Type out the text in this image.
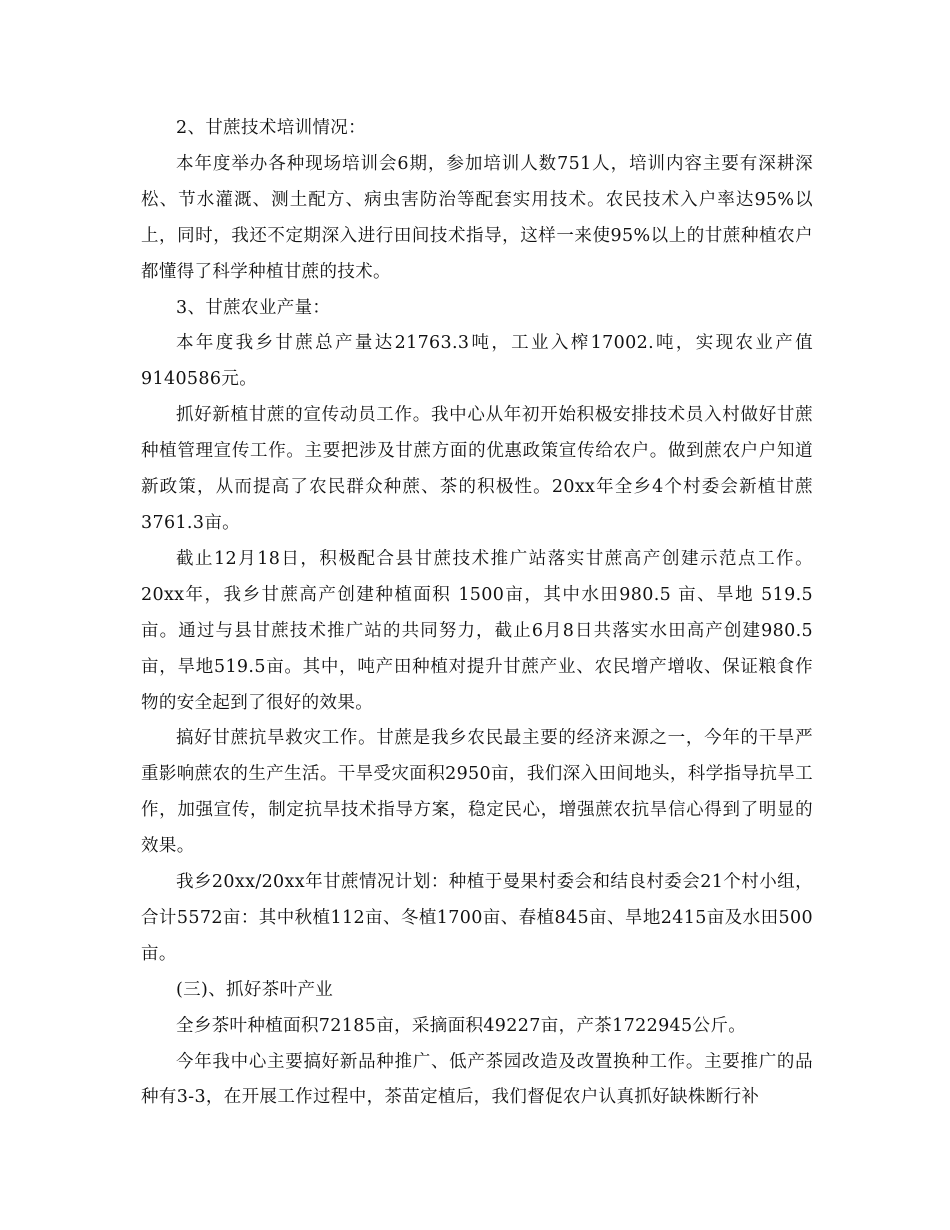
2、甘蔗技术培训情况：

本年度举办各种现场培训会6期，参加培训人数751人，培训内容主要有深耕深松、节水灌溉、测土配方、病虫害防治等配套实用技术。农民技术入户率达95%以上，同时，我还不定期深入进行田间技术指导，这样一来使95%以上的甘蔗种植农户都懂得了科学种植甘蔗的技术。

3、甘蔗农业产量：

本年度我乡甘蔗总产量达21763.3吨，工业入榨17002.吨，实现农业产值9140586元。

抓好新植甘蔗的宣传动员工作。我中心从年初开始积极安排技术员入村做好甘蔗种植管理宣传工作。主要把涉及甘蔗方面的优惠政策宣传给农户。做到蔗农户户知道新政策，从而提高了农民群众种蔗、茶的积极性。20xx年全乡4个村委会新植甘蔗 3761.3亩。

截止12月18日，积极配合县甘蔗技术推广站落实甘蔗高产创建示范点工作。20xx年，我乡甘蔗高产创建种植面积 1500亩，其中水田980.5 亩、旱地 519.5亩。通过与县甘蔗技术推广站的共同努力，截止6月8日共落实水田高产创建980.5亩，旱地519.5亩。其中，吨产田种植对提升甘蔗产业、农民增产增收、保证粮食作物的安全起到了很好的效果。

搞好甘蔗抗旱救灾工作。甘蔗是我乡农民最主要的经济来源之一，今年的干旱严重影响蔗农的生产生活。干旱受灾面积2950亩，我们深入田间地头，科学指导抗旱工作，加强宣传，制定抗旱技术指导方案，稳定民心，增强蔗农抗旱信心得到了明显的效果。

我乡20xx/20xx年甘蔗情况计划：种植于曼果村委会和结良村委会21个村小组，合计5572亩：其中秋植112亩、冬植1700亩、春植845亩、旱地2415亩及水田500亩。

(三)、抓好茶叶产业

全乡茶叶种植面积72185亩，采摘面积49227亩，产茶1722945公斤。

今年我中心主要搞好新品种推广、低产茶园改造及改置换种工作。主要推广的品种有3-3，在开展工作过程中，茶苗定植后，我们督促农户认真抓好缺株断行补
